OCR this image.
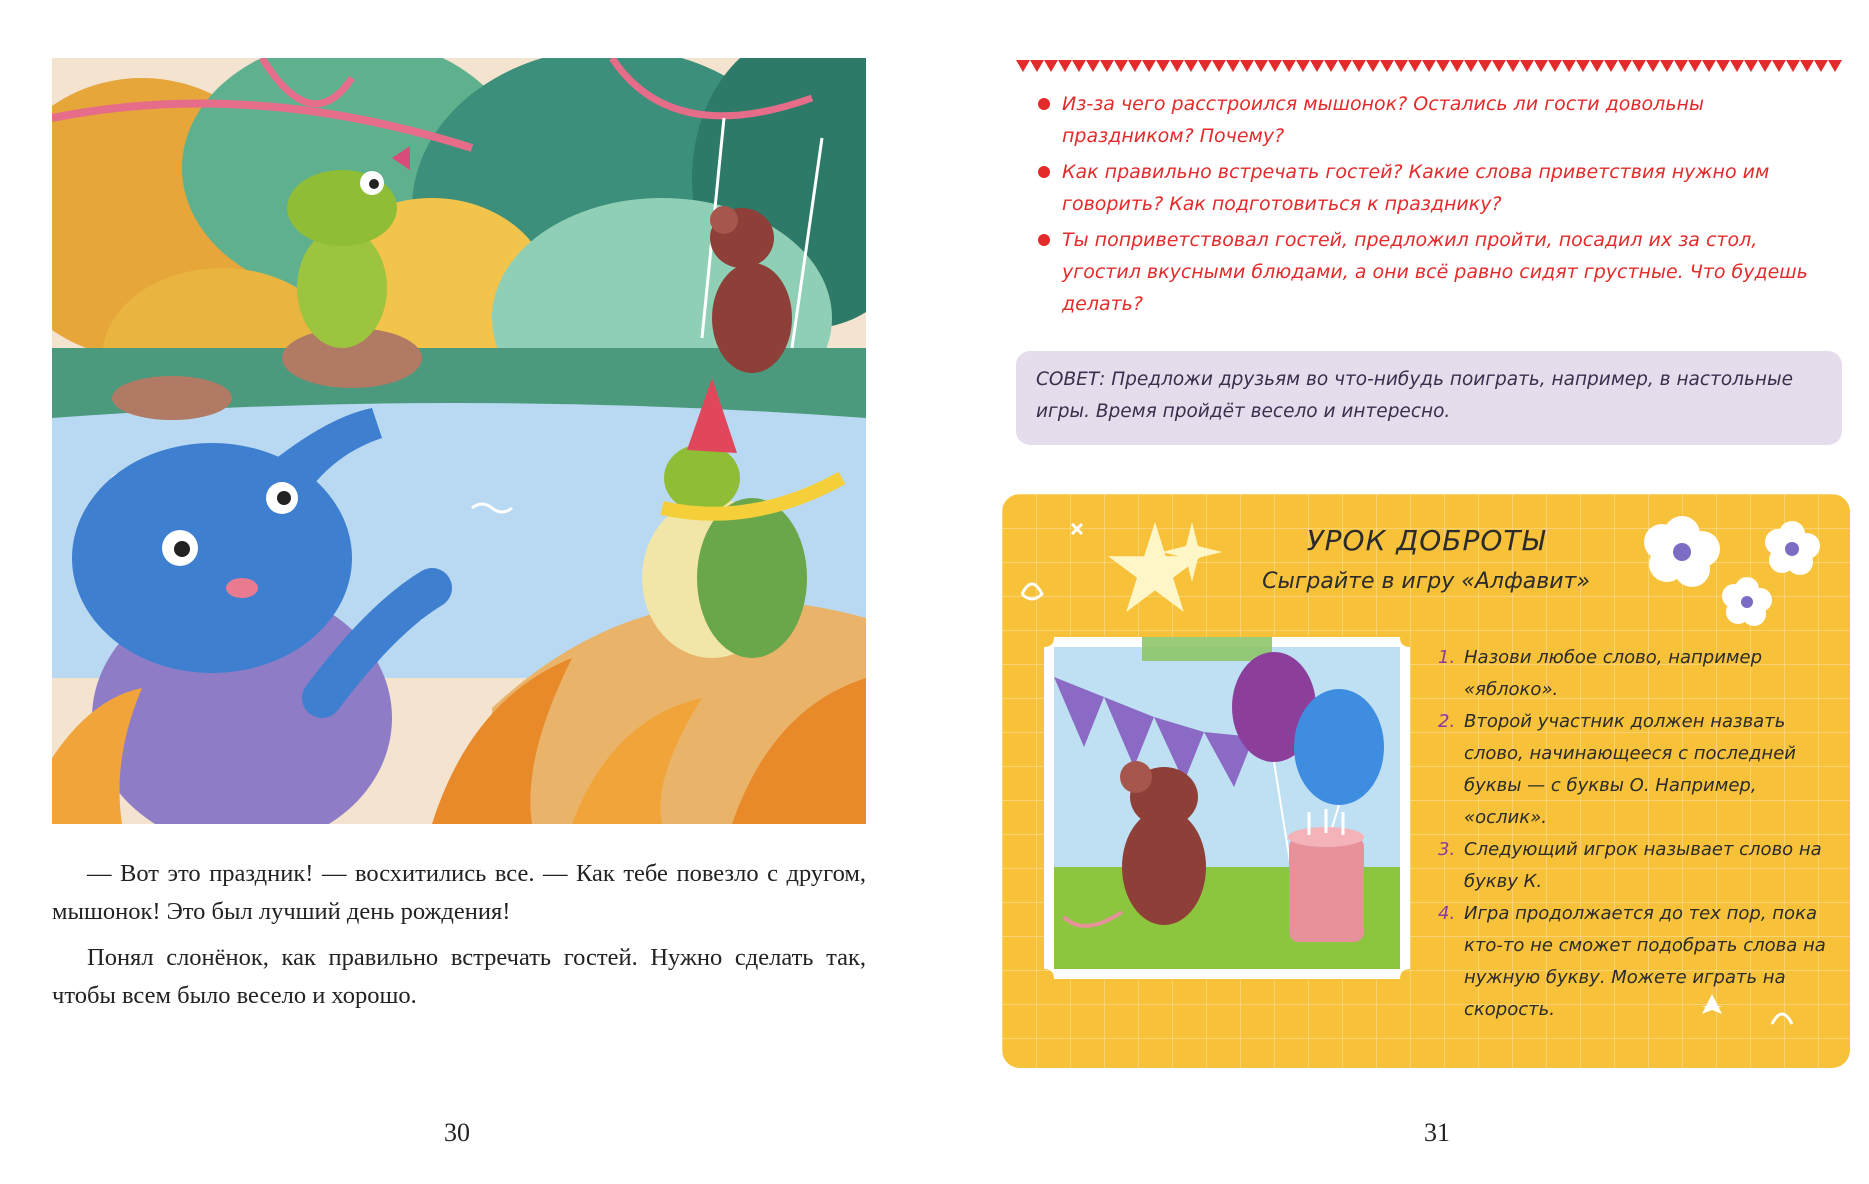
— Вот это праздник! — восхитились все. — Как тебе повезло с другом, мышонок! Это был лучший день рождения!

Понял слонёнок, как правильно встречать гостей. Нужно сделать так, чтобы всем было весело и хорошо.

30
Из-за чего расстроился мышонок? Остались ли гости довольны праздником? Почему?
Как правильно встречать гостей? Какие слова приветствия нужно им говорить? Как подготовиться к празднику?
Ты поприветствовал гостей, предложил пройти, посадил их за стол, угостил вкусными блюдами, а они всё равно сидят грустные. Что будешь делать?
СОВЕТ: Предложи друзьям во что-нибудь поиграть, например, в настольные игры. Время пройдёт весело и интересно.
УРОК ДОБРОТЫ
Сыграйте в игру «Алфавит»
1. Назови любое слово, например «яблоко».
2. Второй участник должен назвать слово, начинающееся с последней буквы — с буквы О. Например, «ослик».
3. Следующий игрок называет слово на букву К.
4. Игра продолжается до тех пор, пока кто-то не сможет подобрать слова на нужную букву. Можете играть на скорость.
31
